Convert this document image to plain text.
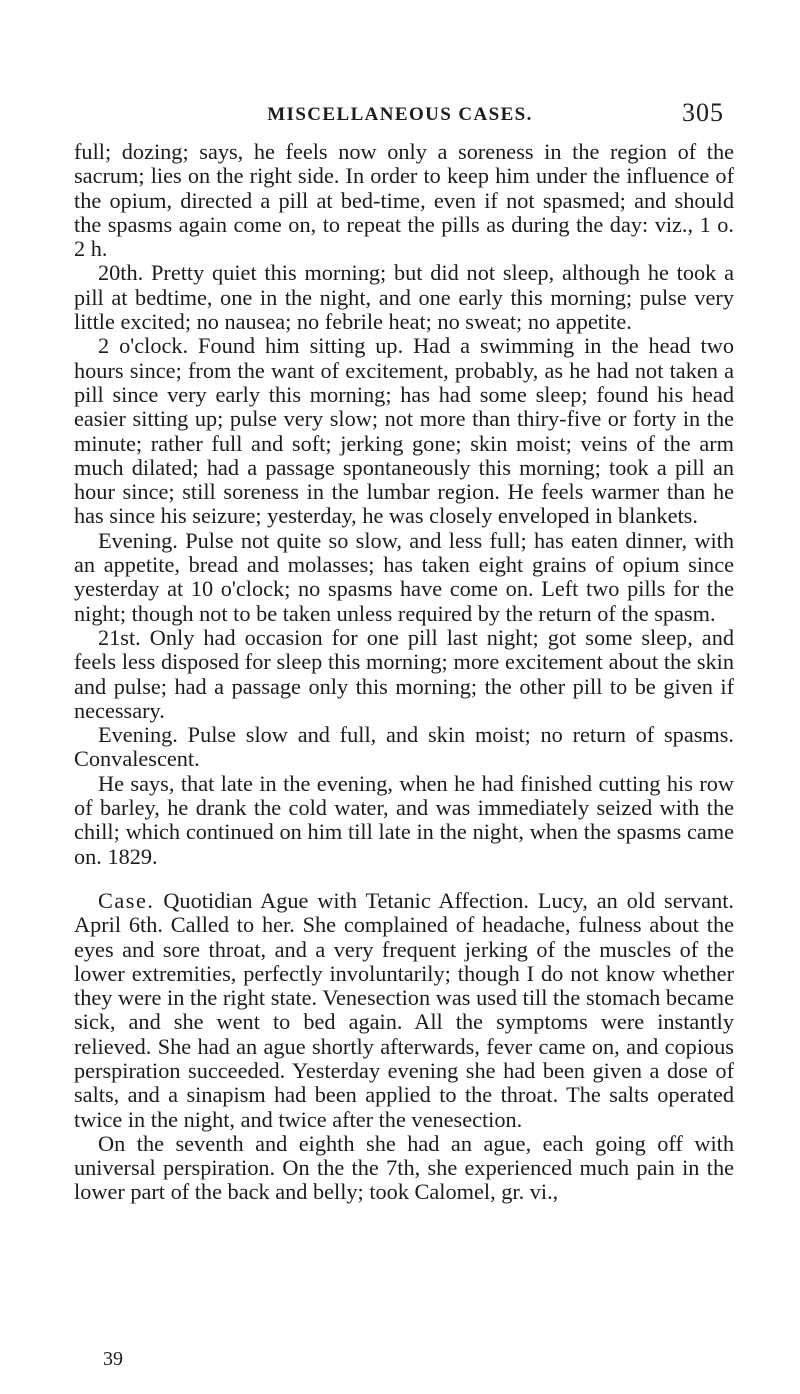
MISCELLANEOUS CASES.	305

full; dozing; says, he feels now only a soreness in the region of the sacrum; lies on the right side. In order to keep him under the influence of the opium, directed a pill at bed-time, even if not spasmed; and should the spasms again come on, to repeat the pills as during the day: viz., 1 o. 2 h.

20th. Pretty quiet this morning; but did not sleep, although he took a pill at bedtime, one in the night, and one early this morning; pulse very little excited; no nausea; no febrile heat; no sweat; no appetite.

2 o'clock. Found him sitting up. Had a swimming in the head two hours since; from the want of excitement, probably, as he had not taken a pill since very early this morning; has had some sleep; found his head easier sitting up; pulse very slow; not more than thiry-five or forty in the minute; rather full and soft; jerking gone; skin moist; veins of the arm much dilated; had a passage spontaneously this morning; took a pill an hour since; still soreness in the lumbar region. He feels warmer than he has since his seizure; yesterday, he was closely enveloped in blankets.

Evening. Pulse not quite so slow, and less full; has eaten dinner, with an appetite, bread and molasses; has taken eight grains of opium since yesterday at 10 o'clock; no spasms have come on. Left two pills for the night; though not to be taken unless required by the return of the spasm.

21st. Only had occasion for one pill last night; got some sleep, and feels less disposed for sleep this morning; more excitement about the skin and pulse; had a passage only this morning; the other pill to be given if necessary.

Evening. Pulse slow and full, and skin moist; no return of spasms. Convalescent.

He says, that late in the evening, when he had finished cutting his row of barley, he drank the cold water, and was immediately seized with the chill; which continued on him till late in the night, when the spasms came on. 1829.

Case. Quotidian Ague with Tetanic Affection. Lucy, an old servant. April 6th. Called to her. She complained of headache, fulness about the eyes and sore throat, and a very frequent jerking of the muscles of the lower extremities, perfectly involuntarily; though I do not know whether they were in the right state. Venesection was used till the stomach became sick, and she went to bed again. All the symptoms were instantly relieved. She had an ague shortly afterwards, fever came on, and copious perspiration succeeded. Yesterday evening she had been given a dose of salts, and a sinapism had been applied to the throat. The salts operated twice in the night, and twice after the venesection.

On the seventh and eighth she had an ague, each going off with universal perspiration. On the the 7th, she experienced much pain in the lower part of the back and belly; took Calomel, gr. vi.,

39
